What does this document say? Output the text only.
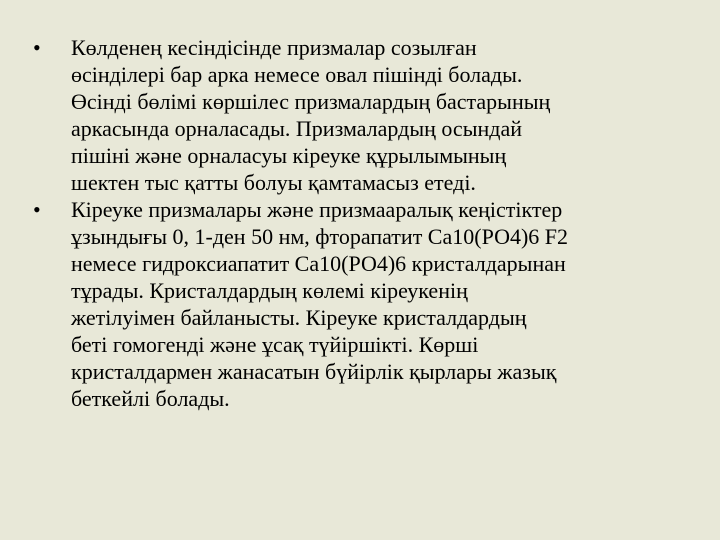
•	Көлденең кесіндісінде призмалар созылған
өсінділері бар арка немесе овал пішінді болады.
Өсінді бөлімі көршілес призмалардың бастарының
аркасында орналасады. Призмалардың осындай
пішіні және орналасуы кіреуке құрылымының
шектен тыс қатты болуы қамтамасыз етеді.
•	Кіреуке призмалары және призмааралық кеңістіктер
ұзындығы 0, 1-ден 50 нм, фторапатит Са10(РО4)6 F2
немесе гидроксиапатит Са10(РО4)6 кристалдарынан
тұрады. Кристалдардың көлемі кіреукенің
жетілуімен байланысты. Кіреуке кристалдардың
беті гомогенді және ұсақ түйіршікті. Көрші
кристалдармен жанасатын бүйірлік қырлары жазық
беткейлі болады.
